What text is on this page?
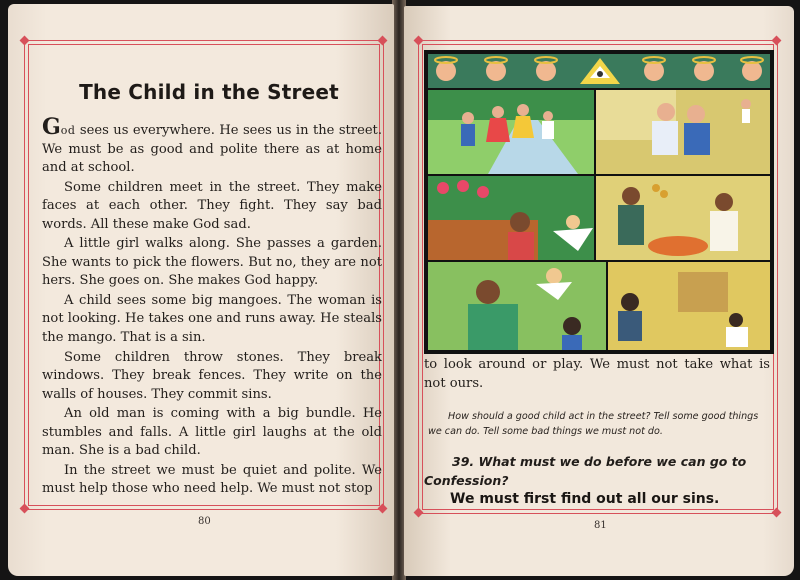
The Child in the Street

God sees us everywhere. He sees us in the street. We must be as good and polite there as at home and at school.

Some children meet in the street. They make faces at each other. They fight. They say bad words. All these make God sad.

A little girl walks along. She passes a garden. She wants to pick the flowers. But no, they are not hers. She goes on. She makes God happy.

A child sees some big mangoes. The woman is not looking. He takes one and runs away. He steals the mango. That is a sin.

Some children throw stones. They break windows. They break fences. They write on the walls of houses. They commit sins.

An old man is coming with a big bundle. He stumbles and falls. A little girl laughs at the old man. She is a bad child.

In the street we must be quiet and polite. We must help those who need help. We must not stop

80
to look around or play. We must not take what is not ours.
How should a good child act in the street? Tell some good things we can do. Tell some bad things we must not do.
39. What must we do before we can go to Confession?
We must first find out all our sins.
81
